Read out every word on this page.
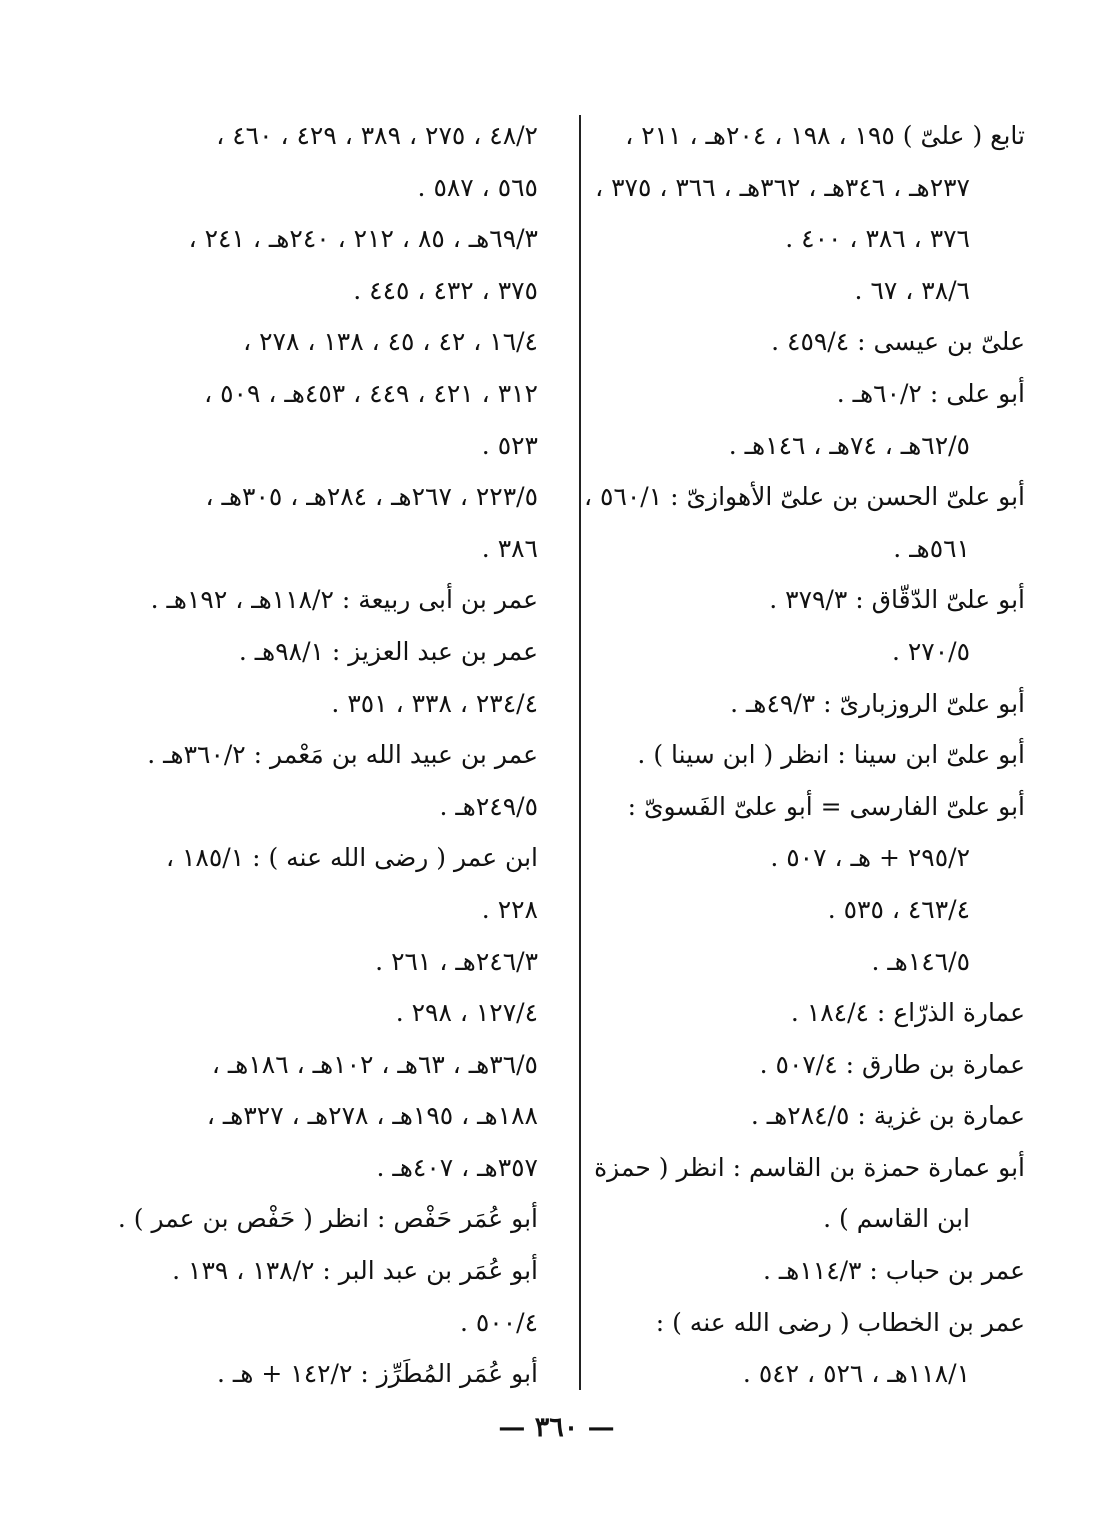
تابع ( علىّ ) ١٩٥ ، ١٩٨ ، ٢٠٤هـ ، ٢١١ ،
٢٣٧هـ ، ٣٤٦هـ ، ٣٦٢هـ ، ٣٦٦ ، ٣٧٥ ،
٣٧٦ ، ٣٨٦ ، ٤٠٠ .
٣٨/٦ ، ٦٧ .
علىّ بن عيسى : ٤٥٩/٤ .
أبو على : ٦٠/٢هـ .
٦٢/٥هـ ، ٧٤هـ ، ١٤٦هـ .
أبو علىّ الحسن بن علىّ الأهوازىّ : ٥٦٠/١ ،
٥٦١هـ .
أبو علىّ الدّقّاق : ٣٧٩/٣ .
٢٧٠/٥ .
أبو علىّ الروزبارىّ : ٤٩/٣هـ .
أبو علىّ ابن سينا : انظر ( ابن سينا ) .
أبو علىّ الفارسى = أبو علىّ الفَسوىّ :
٢٩٥/٢ + هـ ، ٥٠٧ .
٤٦٣/٤ ، ٥٣٥ .
١٤٦/٥هـ .
عمارة الذرّاع : ١٨٤/٤ .
عمارة بن طارق : ٥٠٧/٤ .
عمارة بن غزية : ٢٨٤/٥هـ .
أبو عمارة حمزة بن القاسم : انظر ( حمزة
ابن القاسم ) .
عمر بن حباب : ١١٤/٣هـ .
عمر بن الخطاب ( رضى الله عنه ) :
١١٨/١هـ ، ٥٢٦ ، ٥٤٢ .
٤٨/٢ ، ٢٧٥ ، ٣٨٩ ، ٤٢٩ ، ٤٦٠ ،
٥٦٥ ، ٥٨٧ .
٦٩/٣هـ ، ٨٥ ، ٢١٢ ، ٢٤٠هـ ، ٢٤١ ،
٣٧٥ ، ٤٣٢ ، ٤٤٥ .
١٦/٤ ، ٤٢ ، ٤٥ ، ١٣٨ ، ٢٧٨ ،
٣١٢ ، ٤٢١ ، ٤٤٩ ، ٤٥٣هـ ، ٥٠٩ ،
٥٢٣ .
٢٢٣/٥ ، ٢٦٧هـ ، ٢٨٤هـ ، ٣٠٥هـ ،
٣٨٦ .
عمر بن أبى ربيعة : ١١٨/٢هـ ، ١٩٢هـ .
عمر بن عبد العزيز : ٩٨/١هـ .
٢٣٤/٤ ، ٣٣٨ ، ٣٥١ .
عمر بن عبيد الله بن مَعْمر : ٣٦٠/٢هـ .
٢٤٩/٥هـ .
ابن عمر ( رضى الله عنه ) : ١٨٥/١ ،
٢٢٨ .
٢٤٦/٣هـ ، ٢٦١ .
١٢٧/٤ ، ٢٩٨ .
٣٦/٥هـ ، ٦٣هـ ، ١٠٢هـ ، ١٨٦هـ ،
١٨٨هـ ، ١٩٥هـ ، ٢٧٨هـ ، ٣٢٧هـ ،
٣٥٧هـ ، ٤٠٧هـ .
أبو عُمَر حَفْص : انظر ( حَفْص بن عمر ) .
أبو عُمَر بن عبد البر : ١٣٨/٢ ، ١٣٩ .
٥٠٠/٤ .
أبو عُمَر المُطَرِّز : ١٤٢/٢ + هـ .
— ٣٦٠ —
